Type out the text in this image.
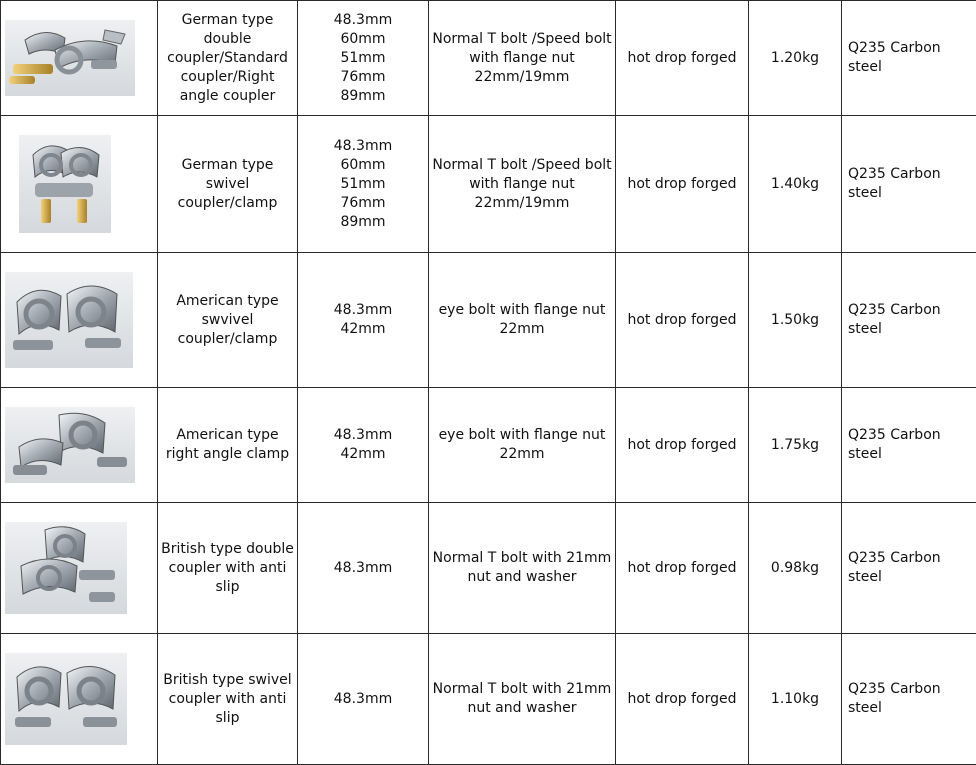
	German type double coupler/Standard coupler/Right angle coupler	48.3mm
60mm
51mm
76mm
89mm	Normal T bolt /Speed bolt with flange nut 22mm/19mm	hot drop forged	1.20kg	Q235 Carbon steel

	German type swivel coupler/clamp	48.3mm
60mm
51mm
76mm
89mm	Normal T bolt /Speed bolt with flange nut 22mm/19mm	hot drop forged	1.40kg	Q235 Carbon steel

	American type swvivel coupler/clamp	48.3mm
42mm	eye bolt with flange nut 22mm	hot drop forged	1.50kg	Q235 Carbon steel

	American type right angle clamp	48.3mm
42mm	eye bolt with flange nut 22mm	hot drop forged	1.75kg	Q235 Carbon steel

	British type double coupler with anti slip	48.3mm	Normal T bolt with 21mm nut and washer	hot drop forged	0.98kg	Q235 Carbon steel

	British type swivel coupler with anti slip	48.3mm	Normal T bolt with 21mm nut and washer	hot drop forged	1.10kg	Q235 Carbon steel
